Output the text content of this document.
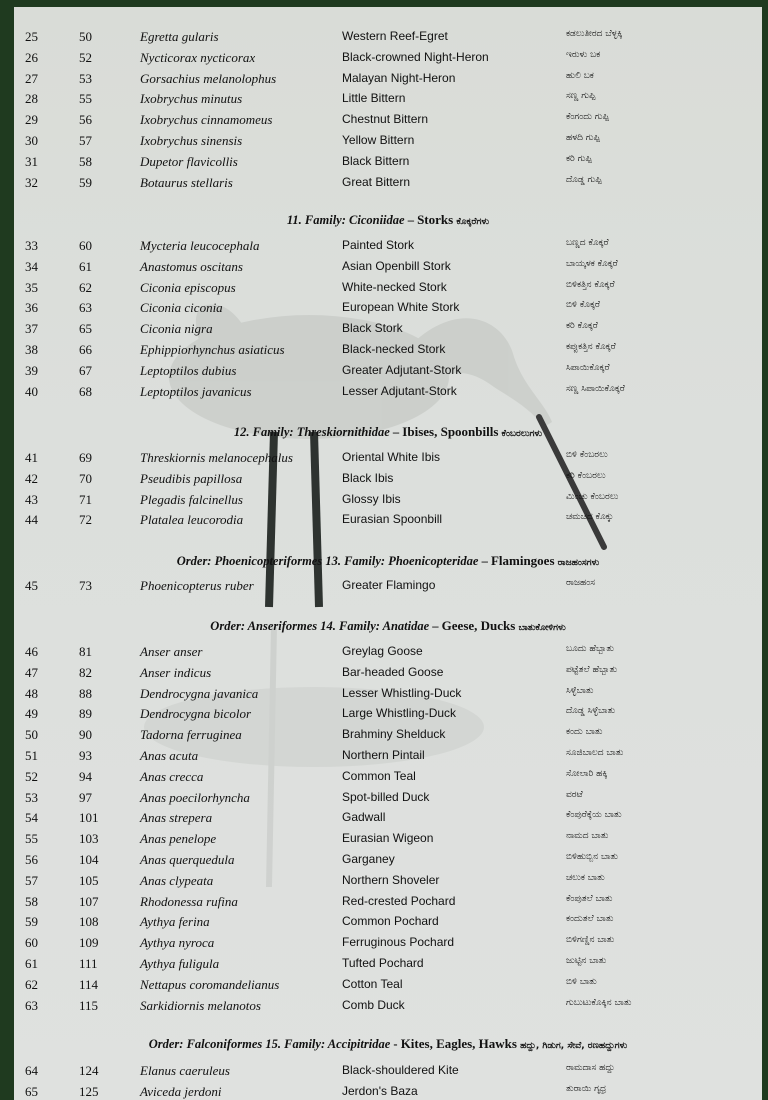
25	50	Egretta gularis	Western Reef-Egret	ಕಡಲುತೀರದ ಬೆಳ್ಳಕ್ಕಿ
26	52	Nycticorax nycticorax	Black-crowned Night-Heron	ಇರುಳು ಬಕ
27	53	Gorsachius melanolophus	Malayan Night-Heron	ಹುಲಿ ಬಕ
28	55	Ixobrychus minutus	Little Bittern	ಸಣ್ಣ ಗುಪ್ಪಿ
29	56	Ixobrychus cinnamomeus	Chestnut Bittern	ಕೆಂಗಂದು ಗುಪ್ಪಿ
30	57	Ixobrychus sinensis	Yellow Bittern	ಹಳದಿ ಗುಪ್ಪಿ
31	58	Dupetor flavicollis	Black Bittern	ಕರಿ ಗುಪ್ಪಿ
32	59	Botaurus stellaris	Great Bittern	ದೊಡ್ಡ ಗುಪ್ಪಿ
11. Family: Ciconiidae – Storks ಕೊಕ್ಕರೆಗಳು
33	60	Mycteria leucocephala	Painted Stork	ಬಣ್ಣದ ಕೊಕ್ಕರೆ
34	61	Anastomus oscitans	Asian Openbill Stork	ಬಾಯ್ಕಳಕ ಕೊಕ್ಕರೆ
35	62	Ciconia episcopus	White-necked Stork	ಬಿಳಿಕತ್ತಿನ ಕೊಕ್ಕರೆ
36	63	Ciconia ciconia	European White Stork	ಬಿಳಿ ಕೊಕ್ಕರೆ
37	65	Ciconia nigra	Black Stork	ಕರಿ ಕೊಕ್ಕರೆ
38	66	Ephippiorhynchus asiaticus	Black-necked Stork	ಕಪ್ಪುಕತ್ತಿನ ಕೊಕ್ಕರೆ
39	67	Leptoptilos dubius	Greater Adjutant-Stork	ಸಿಪಾಯಿಕೊಕ್ಕರೆ
40	68	Leptoptilos javanicus	Lesser Adjutant-Stork	ಸಣ್ಣ ಸಿಪಾಯಿಕೊಕ್ಕರೆ
12. Family: Threskiornithidae – Ibises, Spoonbills ಕೆಂಬರಲುಗಳು
41	69	Threskiornis melanocephalus	Oriental White Ibis	ಬಿಳಿ ಕೆಂಬರಲು
42	70	Pseudibis papillosa	Black Ibis	ಕರಿ ಕೆಂಬರಲು
43	71	Plegadis falcinellus	Glossy Ibis	ಮಿಂಚು ಕೆಂಬರಲು
44	72	Platalea leucorodia	Eurasian Spoonbill	ಚಮಚದ ಕೊಕ್ಕು
Order: Phoenicopteriformes 13. Family: Phoenicopteridae – Flamingoes ರಾಜಹಂಸಗಳು
45	73	Phoenicopterus ruber	Greater Flamingo	ರಾಜಹಂಸ
Order: Anseriformes 14. Family: Anatidae – Geese, Ducks ಬಾತುಕೋಳಿಗಳು
46	81	Anser anser	Greylag Goose	ಬೂದು ಹೆಬ್ಬಾತು
47	82	Anser indicus	Bar-headed Goose	ಪಟ್ಟೆತಲೆ ಹೆಬ್ಬಾತು
48	88	Dendrocygna javanica	Lesser Whistling-Duck	ಸಿಳ್ಳೆಬಾತು
49	89	Dendrocygna bicolor	Large Whistling-Duck	ದೊಡ್ಡ ಸಿಳ್ಳೆಬಾತು
50	90	Tadorna ferruginea	Brahminy Shelduck	ಕಂದು ಬಾತು
51	93	Anas acuta	Northern Pintail	ಸೂಜಿಬಾಲದ ಬಾತು
52	94	Anas crecca	Common Teal	ಸೋಲಾರಿ ಹಕ್ಕಿ
53	97	Anas poecilorhyncha	Spot-billed Duck	ವರಟೆ
54	101	Anas strepera	Gadwall	ಕೆಂಪುರೆಕ್ಕೆಯ ಬಾತು
55	103	Anas penelope	Eurasian Wigeon	ನಾಮದ ಬಾತು
56	104	Anas querquedula	Garganey	ಬಿಳಿಹುಬ್ಬಿನ ಬಾತು
57	105	Anas clypeata	Northern Shoveler	ಚಲುಕ ಬಾತು
58	107	Rhodonessa rufina	Red-crested Pochard	ಕೆಂಪುತಲೆ ಬಾತು
59	108	Aythya ferina	Common Pochard	ಕಂದುತಲೆ ಬಾತು
60	109	Aythya nyroca	Ferruginous Pochard	ಬಿಳಿಗಣ್ಣಿನ ಬಾತು
61	111	Aythya fuligula	Tufted Pochard	ಜುಟ್ಟಿನ ಬಾತು
62	114	Nettapus coromandelianus	Cotton Teal	ಬಿಳಿ ಬಾತು
63	115	Sarkidiornis melanotos	Comb Duck	ಗುಬುಟುಕೊಕ್ಕಿನ ಬಾತು
Order: Falconiformes 15. Family: Accipitridae - Kites, Eagles, Hawks ಹದ್ದು, ಗಿಡುಗ, ಸೇವೆ, ರಣಹದ್ದುಗಳು
64	124	Elanus caeruleus	Black-shouldered Kite	ರಾಮದಾಸ ಹದ್ದು
65	125	Aviceda jerdoni	Jerdon's Baza	ತುರಾಯಿ ಗೃಧ್ರ
